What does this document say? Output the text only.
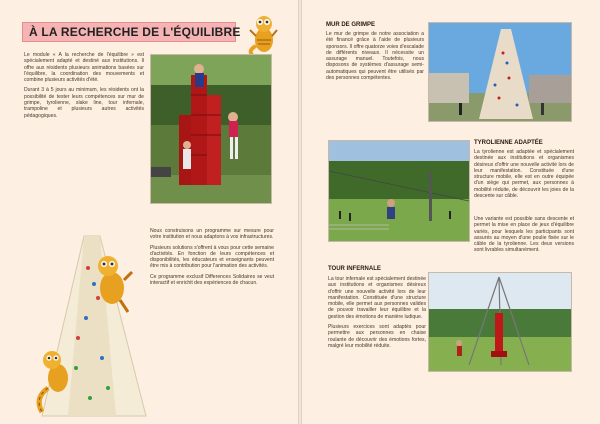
À LA RECHERCHE DE L'ÉQUILIBRE

Le module « A la recherche de l'équilibre » est spécialement adapté et destiné aux institutions. Il offre aux résidents plusieurs animations basées sur l'équilibre, la coordination des mouvements et combine plusieurs activités d'été.

Durant 3 à 5 jours au minimum, les résidents ont la possibilité de tester leurs compétences sur mur de grimpe, tyrolienne, slake line, tour infernale, trampoline et plusieurs autres activités pédagogiques.

Nous construisons un programme sur mesure pour votre institution et nous adaptons à vos infrastructures.

Plusieurs solutions s'offrent à vous pour cette semaine d'activités. En fonction de leurs compétences et disponibilités, les éducateurs et enseignants peuvent être mis à contribution pour l'animation des activités.

Ce programme exclusif Differences Solidaires se veut interactif et enrichit des expériences de chacun.

MUR DE GRIMPE
Le mur de grimpe de notre association a été financé grâce à l'aide de plusieurs sponsors. Il offre quatorze voies d'escalade de différents niveaux. Il nécessite un assurage manuel. Toutefois, nous disposons de systèmes d'assurage semi-automatiques qui peuvent être utilisés par des personnes compétentes.
TYROLIENNE ADAPTÉE
La tyrolienne est adaptée et spécialement destinée aux institutions et organismes désireux d'offrir une nouvelle activité lors de leur manifestation. Constituée d'une structure mobile, elle est en outre équipée d'un siège qui permet, aux personnes à mobilité réduite, de découvrir les joies de la descente sur câble.
Une variante est possible sans descente et permet la mise en place de jeux d'équilibre variés, pour lesquels les participants sont assurés au moyen d'une poulie fixée sur le câble de la tyrolienne. Les deux versions sont livrables simultanément.
TOUR INFERNALE

La tour infernale est spécialement destinée aux institutions et organismes désireux d'offrir une nouvelle activité lors de leur manifestation. Constituée d'une structure mobile, elle permet aux personnes valides de pouvoir travailler leur équilibre et la gestion des émotions de manière ludique.

Plusieurs exercices sont adaptés pour permettre aux personnes en chaise roulante de découvrir des émotions fortes, malgré leur mobilité réduite.
